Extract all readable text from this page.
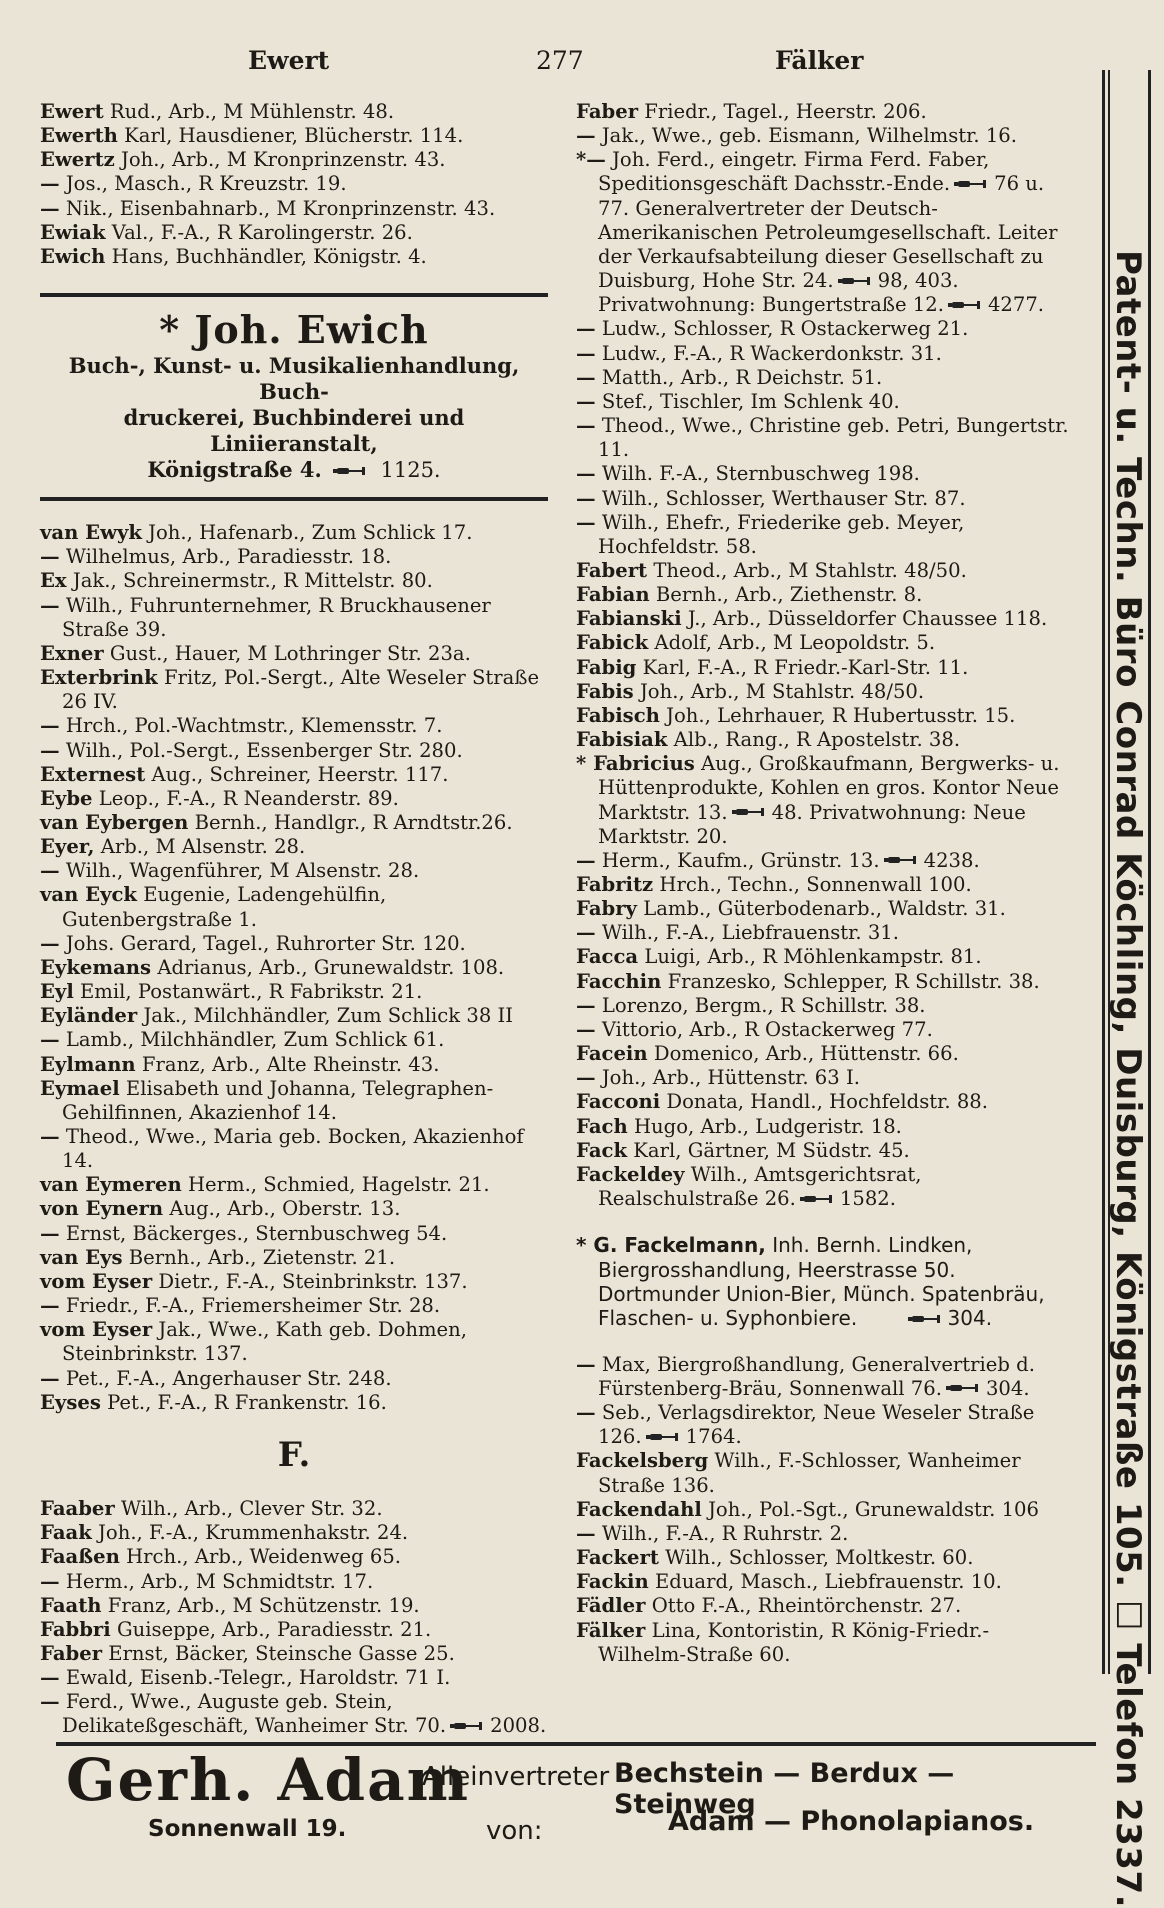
Ewert	277	Fälker

Ewert Rud., Arb., M Mühlenstr. 48.

Ewerth Karl, Hausdiener, Blücherstr. 114.

Ewertz Joh., Arb., M Kronprinzenstr. 43.

— Jos., Masch., R Kreuzstr. 19.

— Nik., Eisenbahnarb., M Kronprinzenstr. 43.

Ewiak Val., F.-A., R Karolingerstr. 26.

Ewich Hans, Buchhändler, Königstr. 4.

* Joh. Ewich
Buch-, Kunst- u. Musikalienhandlung, Buch-
druckerei, Buchbinderei und Liniieranstalt,
Königstraße 4.	1125.

van Ewyk Joh., Hafenarb., Zum Schlick 17.

— Wilhelmus, Arb., Paradiesstr. 18.

Ex Jak., Schreinermstr., R Mittelstr. 80.

— Wilh., Fuhrunternehmer, R Bruckhausener Straße 39.

Exner Gust., Hauer, M Lothringer Str. 23a.

Exterbrink Fritz, Pol.-Sergt., Alte Weseler Straße 26 IV.

— Hrch., Pol.-Wachtmstr., Klemensstr. 7.

— Wilh., Pol.-Sergt., Essenberger Str. 280.

Externest Aug., Schreiner, Heerstr. 117.

Eybe Leop., F.-A., R Neanderstr. 89.

van Eybergen Bernh., Handlgr., R Arndtstr.26.

Eyer, Arb., M Alsenstr. 28.

— Wilh., Wagenführer, M Alsenstr. 28.

van Eyck Eugenie, Ladengehülfin, Gutenbergstraße 1.

— Johs. Gerard, Tagel., Ruhrorter Str. 120.

Eykemans Adrianus, Arb., Grunewaldstr. 108.

Eyl Emil, Postanwärt., R Fabrikstr. 21.

Eyländer Jak., Milchhändler, Zum Schlick 38 II

— Lamb., Milchhändler, Zum Schlick 61.

Eylmann Franz, Arb., Alte Rheinstr. 43.

Eymael Elisabeth und Johanna, Telegraphen-Gehilfinnen, Akazienhof 14.

— Theod., Wwe., Maria geb. Bocken, Akazienhof 14.

van Eymeren Herm., Schmied, Hagelstr. 21.

von Eynern Aug., Arb., Oberstr. 13.

— Ernst, Bäckerges., Sternbuschweg 54.

van Eys Bernh., Arb., Zietenstr. 21.

vom Eyser Dietr., F.-A., Steinbrinkstr. 137.

— Friedr., F.-A., Friemersheimer Str. 28.

vom Eyser Jak., Wwe., Kath geb. Dohmen, Steinbrinkstr. 137.

— Pet., F.-A., Angerhauser Str. 248.

Eyses Pet., F.-A., R Frankenstr. 16.

F.

Faaber Wilh., Arb., Clever Str. 32.

Faak Joh., F.-A., Krummenhakstr. 24.

Faaßen Hrch., Arb., Weidenweg 65.

— Herm., Arb., M Schmidtstr. 17.

Faath Franz, Arb., M Schützenstr. 19.

Fabbri Guiseppe, Arb., Paradiesstr. 21.

Faber Ernst, Bäcker, Steinsche Gasse 25.

— Ewald, Eisenb.-Telegr., Haroldstr. 71 I.

— Ferd., Wwe., Auguste geb. Stein, Delikateßgeschäft, Wanheimer Str. 70. 2008.

Faber Friedr., Tagel., Heerstr. 206.

— Jak., Wwe., geb. Eismann, Wilhelmstr. 16.

*— Joh. Ferd., eingetr. Firma Ferd. Faber, Speditionsgeschäft Dachsstr.-Ende. 76 u. 77. Generalvertreter der Deutsch-Amerikanischen Petroleumgesellschaft. Leiter der Verkaufsabteilung dieser Gesellschaft zu Duisburg, Hohe Str. 24. 98, 403. Privatwohnung: Bungertstraße 12. 4277.

— Ludw., Schlosser, R Ostackerweg 21.

— Ludw., F.-A., R Wackerdonkstr. 31.

— Matth., Arb., R Deichstr. 51.

— Stef., Tischler, Im Schlenk 40.

— Theod., Wwe., Christine geb. Petri, Bungertstr. 11.

— Wilh. F.-A., Sternbuschweg 198.

— Wilh., Schlosser, Werthauser Str. 87.

— Wilh., Ehefr., Friederike geb. Meyer, Hochfeldstr. 58.

Fabert Theod., Arb., M Stahlstr. 48/50.

Fabian Bernh., Arb., Ziethenstr. 8.

Fabianski J., Arb., Düsseldorfer Chaussee 118.

Fabick Adolf, Arb., M Leopoldstr. 5.

Fabig Karl, F.-A., R Friedr.-Karl-Str. 11.

Fabis Joh., Arb., M Stahlstr. 48/50.

Fabisch Joh., Lehrhauer, R Hubertusstr. 15.

Fabisiak Alb., Rang., R Apostelstr. 38.

* Fabricius Aug., Großkaufmann, Bergwerks- u. Hüttenprodukte, Kohlen en gros. Kontor Neue Marktstr. 13. 48. Privatwohnung: Neue Marktstr. 20.

— Herm., Kaufm., Grünstr. 13. 4238.

Fabritz Hrch., Techn., Sonnenwall 100.

Fabry Lamb., Güterbodenarb., Waldstr. 31.

— Wilh., F.-A., Liebfrauenstr. 31.

Facca Luigi, Arb., R Möhlenkampstr. 81.

Facchin Franzesko, Schlepper, R Schillstr. 38.

— Lorenzo, Bergm., R Schillstr. 38.

— Vittorio, Arb., R Ostackerweg 77.

Facein Domenico, Arb., Hüttenstr. 66.

— Joh., Arb., Hüttenstr. 63 I.

Facconi Donata, Handl., Hochfeldstr. 88.

Fach Hugo, Arb., Ludgeristr. 18.

Fack Karl, Gärtner, M Südstr. 45.

Fackeldey Wilh., Amtsgerichtsrat, Realschulstraße 26. 1582.

* G. Fackelmann, Inh. Bernh. Lindken, Biergrosshandlung, Heerstrasse 50. Dortmunder Union-Bier, Münch. Spatenbräu, Flaschen- u. Syphonbiere.	304.

— Max, Biergroßhandlung, Generalvertrieb d. Fürstenberg-Bräu, Sonnenwall 76. 304.

— Seb., Verlagsdirektor, Neue Weseler Straße 126. 1764.

Fackelsberg Wilh., F.-Schlosser, Wanheimer Straße 136.

Fackendahl Joh., Pol.-Sgt., Grunewaldstr. 106

— Wilh., F.-A., R Ruhrstr. 2.

Fackert Wilh., Schlosser, Moltkestr. 60.

Fackin Eduard, Masch., Liebfrauenstr. 10.

Fädler Otto F.-A., Rheintörchenstr. 27.

Fälker Lina, Kontoristin, R König-Friedr.-Wilhelm-Straße 60.	Patent- u. Techn. Büro Conrad Köchling, Duisburg, Königstraße 105. ☐ Telefon 2337.
Gerh. Adam
Sonnenwall 19.
Alleinvertreter
von:
Bechstein — Berdux — Steinweg
Adam — Phonolapianos.
